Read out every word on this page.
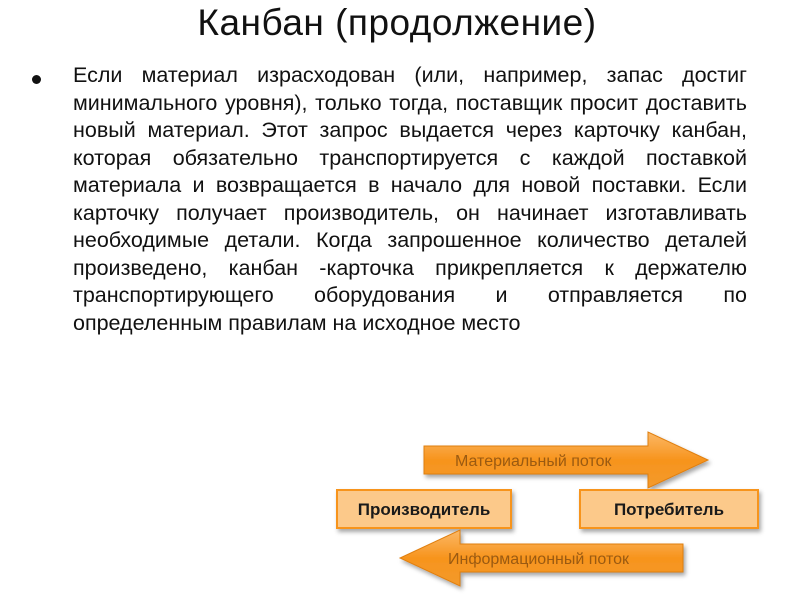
Канбан (продолжение)
Если материал израсходован (или, например, запас достиг минимального уровня), только тогда, поставщик просит доставить новый материал. Этот запрос выдается через карточку канбан, которая обязательно транспортируется с каждой поставкой материала и возвращается в начало для новой поставки. Если карточку получает производитель, он начинает изготавливать необходимые детали. Когда запрошенное количество деталей произведено, канбан -карточка прикрепляется к держателю транспортирующего оборудования и отправляется по определенным правилам на исходное место
Материальный поток
Производитель	Потребитель
Информационный поток
